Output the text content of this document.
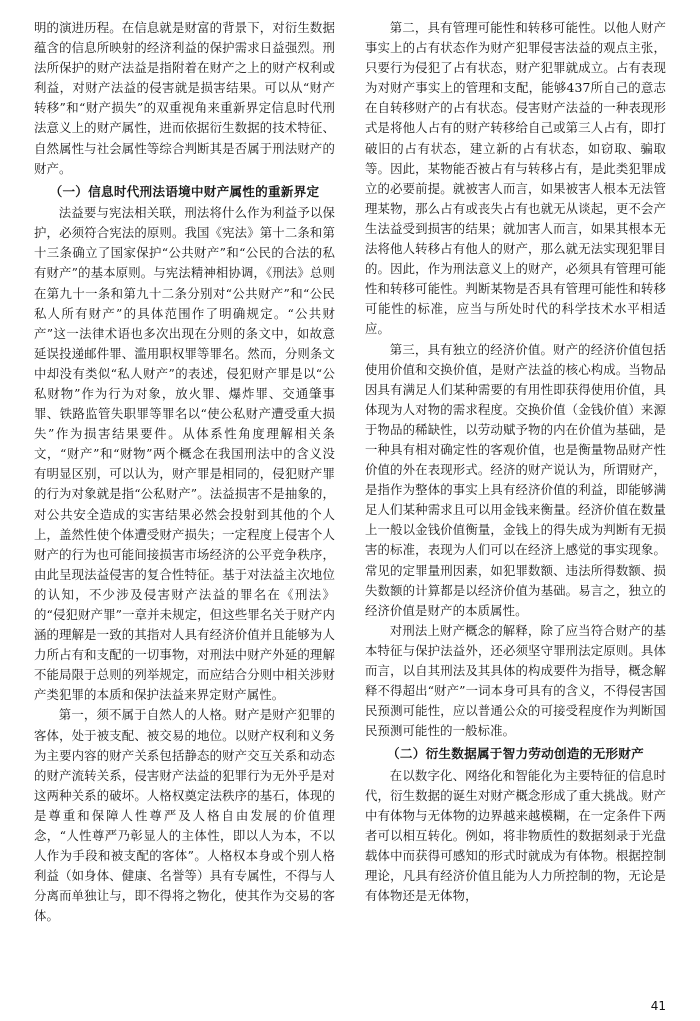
明的演进历程。在信息就是财富的背景下，对衍生数据蕴含的信息所映射的经济利益的保护需求日益强烈。刑法所保护的财产法益是指附着在财产之上的财产权利或利益，对财产法益的侵害就是损害结果。可以从“财产转移”和“财产损失”的双重视角来重新界定信息时代刑法意义上的财产属性，进而依据衍生数据的技术特征、自然属性与社会属性等综合判断其是否属于刑法财产的财产。

（一）信息时代刑法语境中财产属性的重新界定

法益要与宪法相关联，刑法将什么作为利益予以保护，必须符合宪法的原则。我国《宪法》第十二条和第十三条确立了国家保护“公共财产”和“公民的合法的私有财产”的基本原则。与宪法精神相协调，《刑法》总则在第九十一条和第九十二条分别对“公共财产”和“公民私人所有财产”的具体范围作了明确规定。“公共财产”这一法律术语也多次出现在分则的条文中，如故意延误投递邮件罪、滥用职权罪等罪名。然而，分则条文中却没有类似“私人财产”的表述，侵犯财产罪是以“公私财物”作为行为对象，放火罪、爆炸罪、交通肇事罪、铁路监管失职罪等罪名以“使公私财产遭受重大损失”作为损害结果要件。从体系性角度理解相关条文，“财产”和“财物”两个概念在我国刑法中的含义没有明显区别，可以认为，财产罪是相同的，侵犯财产罪的行为对象就是指“公私财产”。法益损害不是抽象的，对公共安全造成的实害结果必然会投射到其他的个人上，盖然性使个体遭受财产损失；一定程度上侵害个人财产的行为也可能间接损害市场经济的公平竞争秩序，由此呈现法益侵害的复合性特征。基于对法益主次地位的认知，不少涉及侵害财产法益的罪名在《刑法》的“侵犯财产罪”一章并未规定，但这些罪名关于财产内涵的理解是一致的其指对人具有经济价值并且能够为人力所占有和支配的一切事物，对刑法中财产外延的理解不能局限于总则的列举规定，而应结合分则中相关涉财产类犯罪的本质和保护法益来界定财产属性。

第一，须不属于自然人的人格。财产是财产犯罪的客体，处于被支配、被交易的地位。以财产权利和义务为主要内容的财产关系包括静态的财产交互关系和动态的财产流转关系，侵害财产法益的犯罪行为无外乎是对这两种关系的破坏。人格权奠定法秩序的基石，体现的是尊重和保障人性尊严及人格自由发展的价值理念，“人性尊严乃彰显人的主体性，即以人为本，不以人作为手段和被支配的客体”。人格权本身或个别人格利益（如身体、健康、名誉等）具有专属性，不得与人分离而单独让与，即不得将之物化，使其作为交易的客体。

第二，具有管理可能性和转移可能性。以他人财产事实上的占有状态作为财产犯罪侵害法益的观点主张，只要行为侵犯了占有状态，财产犯罪就成立。占有表现为对财产事实上的管理和支配，能够437所自己的意志在自转移财产的占有状态。侵害财产法益的一种表现形式是将他人占有的财产转移给自己或第三人占有，即打破旧的占有状态，建立新的占有状态，如窃取、骗取等。因此，某物能否被占有与转移占有，是此类犯罪成立的必要前提。就被害人而言，如果被害人根本无法管理某物，那么占有或丧失占有也就无从谈起，更不会产生法益受到损害的结果；就加害人而言，如果其根本无法将他人转移占有他人的财产，那么就无法实现犯罪目的。因此，作为刑法意义上的财产，必须具有管理可能性和转移可能性。判断某物是否具有管理可能性和转移可能性的标准，应当与所处时代的科学技术水平相适应。

第三，具有独立的经济价值。财产的经济价值包括使用价值和交换价值，是财产法益的核心构成。当物品因具有满足人们某种需要的有用性即获得使用价值，具体现为人对物的需求程度。交换价值（金钱价值）来源于物品的稀缺性，以劳动赋予物的内在价值为基础，是一种具有相对确定性的客观价值，也是衡量物品财产性价值的外在表现形式。经济的财产说认为，所谓财产，是指作为整体的事实上具有经济价值的利益，即能够满足人们某种需求且可以用金钱来衡量。经济价值在数量上一般以金钱价值衡量，金钱上的得失成为判断有无损害的标准，表现为人们可以在经济上感觉的事实现象。常见的定罪量刑因素，如犯罪数额、违法所得数额、损失数额的计算都是以经济价值为基础。易言之，独立的经济价值是财产的本质属性。

对刑法上财产概念的解释，除了应当符合财产的基本特征与保护法益外，还必须坚守罪刑法定原则。具体而言，以自其刑法及其具体的构成要件为指导，概念解释不得超出“财产”一词本身可具有的含义，不得侵害国民预测可能性，应以普通公众的可接受程度作为判断国民预测可能性的一般标准。

（二）衍生数据属于智力劳动创造的无形财产

在以数字化、网络化和智能化为主要特征的信息时代，衍生数据的诞生对财产概念形成了重大挑战。财产中有体物与无体物的边界越来越模糊，在一定条件下两者可以相互转化。例如，将非物质性的数据刻录于光盘载体中而获得可感知的形式时就成为有体物。根据控制理论，凡具有经济价值且能为人力所控制的物，无论是有体物还是无体物，

41
